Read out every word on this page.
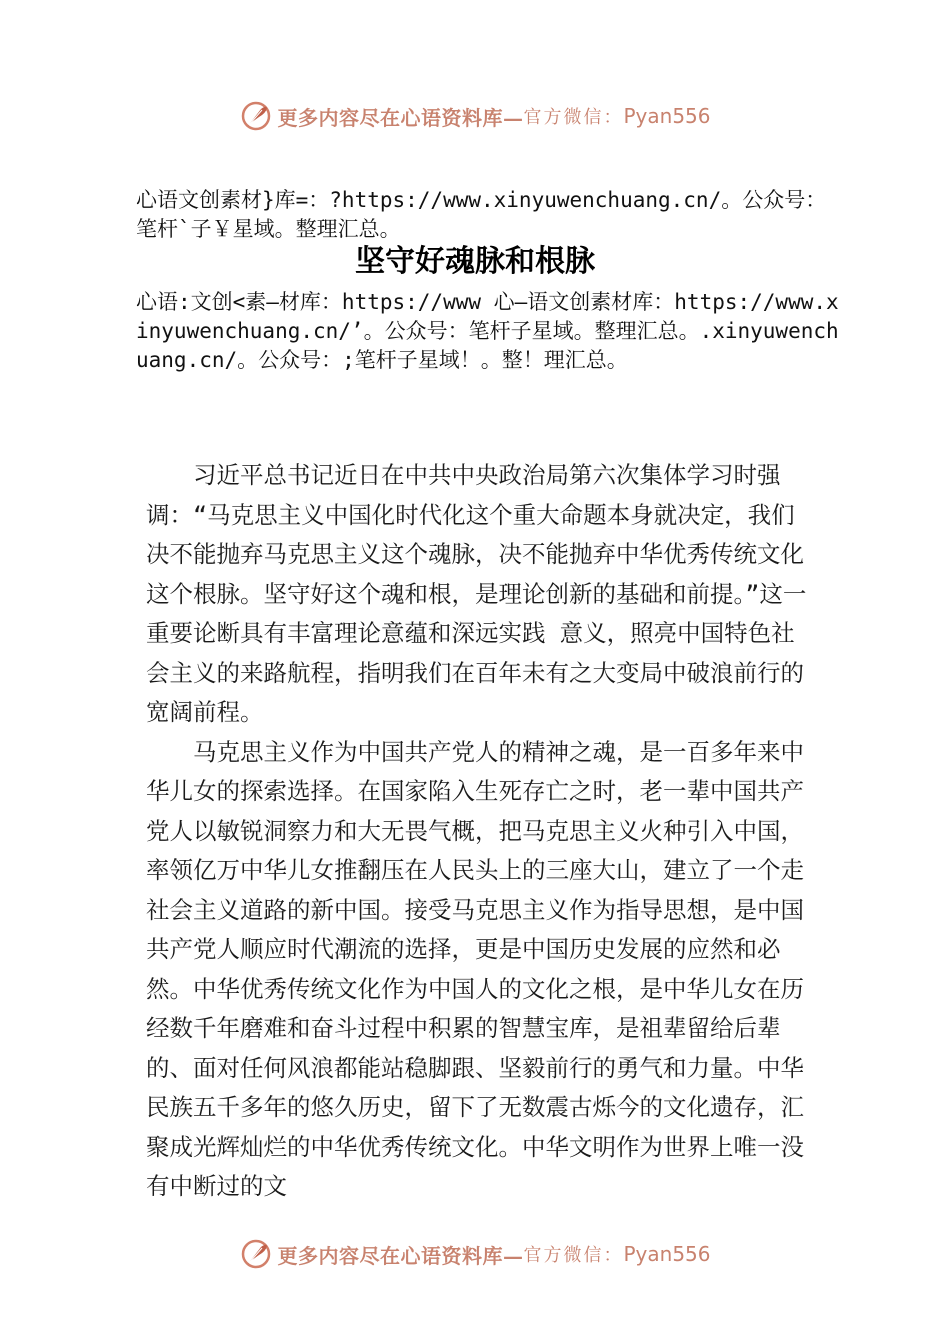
更多内容尽在心语资料库— 官方微信： Pyan556
心语文创素材}库=：?https://www.xinyuwenchuang.cn/。公众号：笔杆`子￥星域。整理汇总。
坚守好魂脉和根脉
心语:文创<素—材库：https://www 心—语文创素材库：https://www.xinyuwenchuang.cn/’。公众号：笔杆子星域。整理汇总。.xinyuwenchuang.cn/。公众号：;笔杆子星域！。整！理汇总。

习近平总书记近日在中共中央政治局第六次集体学习时强调：“马克思主义中国化时代化这个重大命题本身就决定，我们决不能抛弃马克思主义这个魂脉，决不能抛弃中华优秀传统文化这个根脉。坚守好这个魂和根，是理论创新的基础和前提。”这一重要论断具有丰富理论意蕴和深远实践 意义，照亮中国特色社会主义的来路航程，指明我们在百年未有之大变局中破浪前行的宽阔前程。

马克思主义作为中国共产党人的精神之魂，是一百多年来中华儿女的探索选择。在国家陷入生死存亡之时，老一辈中国共产党人以敏锐洞察力和大无畏气概，把马克思主义火种引入中国，率领亿万中华儿女推翻压在人民头上的三座大山，建立了一个走社会主义道路的新中国。接受马克思主义作为指导思想，是中国共产党人顺应时代潮流的选择，更是中国历史发展的应然和必然。中华优秀传统文化作为中国人的文化之根，是中华儿女在历经数千年磨难和奋斗过程中积累的智慧宝库，是祖辈留给后辈的、面对任何风浪都能站稳脚跟、坚毅前行的勇气和力量。中华民族五千多年的悠久历史，留下了无数震古烁今的文化遗存，汇聚成光辉灿烂的中华优秀传统文化。中华文明作为世界上唯一没有中断过的文

更多内容尽在心语资料库— 官方微信： Pyan556
